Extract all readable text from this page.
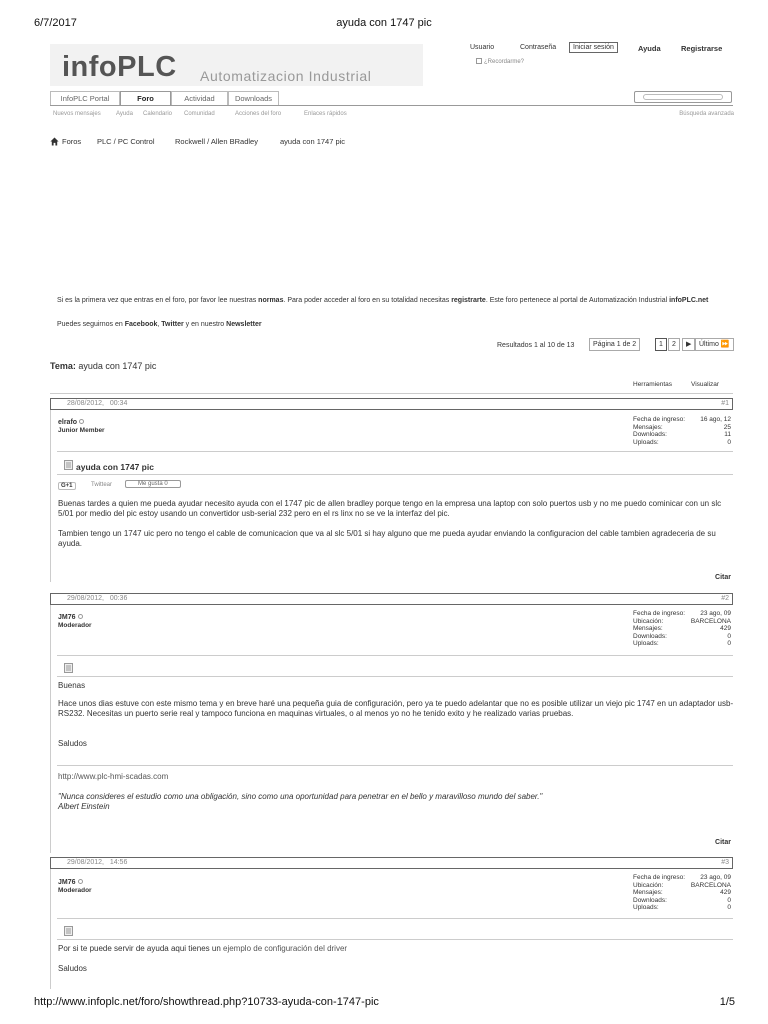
6/7/2017	ayuda con 1747 pic
infoPLC Automatizacion Industrial
Usuario	Contraseña	Iniciar sesión	Ayuda	Registrarse
¿Recordarme?
InfoPLC Portal	Foro	Actividad	Downloads
Nuevos mensajes	Ayuda Calendario Comunidad	Acciones del foro	Enlaces rápidos	Búsqueda avanzada
Foros PLC / PC Control	Rockwell / Allen BRadley	ayuda con 1747 pic
Si es la primera vez que entras en el foro, por favor lee nuestras normas. Para poder acceder al foro en su totalidad necesitas registrarte. Este foro pertenece al portal de Automatización Industrial infoPLC.net
Puedes seguirnos en Facebook, Twitter y en nuestro Newsletter
Resultados 1 al 10 de 13	Página 1 de 2	1	2	▶	Último ⏩
Tema: ayuda con 1747 pic
Herramientas	Visualizar
28/08/2012, 00:34	#1
elrafo
Junior Member
Fecha de ingreso: 16 ago, 12
Mensajes:	25
Downloads:	11
Uploads:	0
ayuda con 1747 pic
G+1	Twittear	Me gusta 0
Buenas tardes a quien me pueda ayudar necesito ayuda con el 1747 pic de allen bradley porque tengo en la empresa una laptop con solo puertos usb y no me puedo cominicar con un slc 5/01 por medio del pic estoy usando un convertidor usb-serial 232 pero en el rs linx no se ve la interfaz del pic.
Tambien tengo un 1747 uic pero no tengo el cable de comunicacion que va al slc 5/01 si hay alguno que me pueda ayudar enviando la configuracion del cable tambien agradeceria de su ayuda.
Citar
29/08/2012, 00:36	#2
JM76
Moderador
Fecha de ingreso: 23 ago, 09
Ubicación:	BARCELONA
Mensajes:	429
Downloads:	0
Uploads:	0
Buenas
Hace unos dias estuve con este mismo tema y en breve haré una pequeña guia de configuración, pero ya te puedo adelantar que no es posible utilizar un viejo pic 1747 en un adaptador usb- RS232. Necesitas un puerto serie real y tampoco funciona en maquinas virtuales, o al menos yo no he tenido exito y he realizado varias pruebas.
Saludos
http://www.plc-hmi-scadas.com
"Nunca consideres el estudio como una obligación, sino como una oportunidad para penetrar en el bello y maravilloso mundo del saber."
Albert Einstein
Citar
29/08/2012, 14:56	#3
JM76
Moderador
Fecha de ingreso: 23 ago, 09
Ubicación:	BARCELONA
Mensajes:	429
Downloads:	0
Uploads:	0
Por si te puede servir de ayuda aqui tienes un ejemplo de configuración del driver
Saludos
http://www.infoplc.net/foro/showthread.php?10733-ayuda-con-1747-pic	1/5
